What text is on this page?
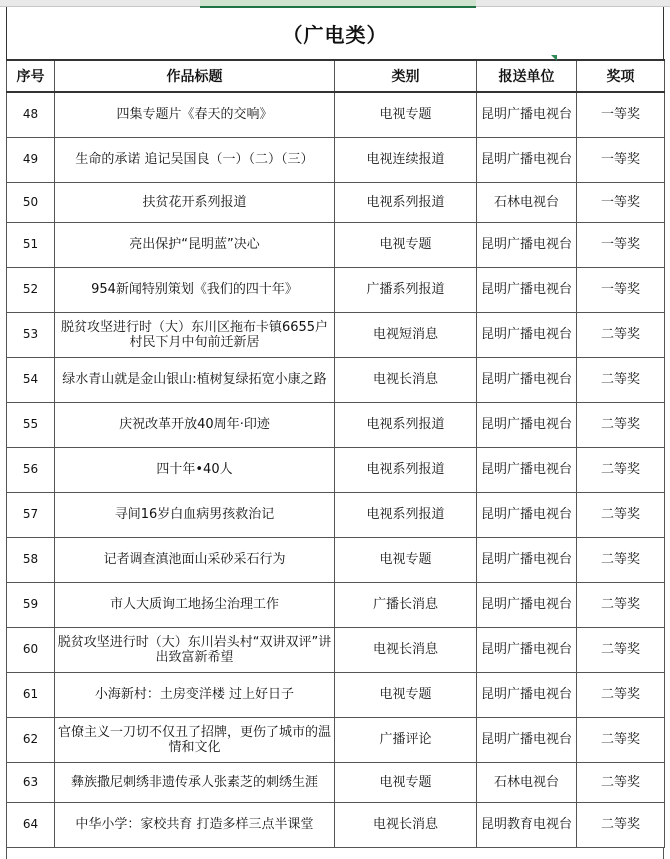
（广电类）
序号	作品标题	类别	报送单位	奖项
48	四集专题片《春天的交响》	电视专题	昆明广播电视台	一等奖
49	生命的承诺 追记吴国良（一）（二）（三）	电视连续报道	昆明广播电视台	一等奖
50	扶贫花开系列报道	电视系列报道	石林电视台	一等奖
51	亮出保护“昆明蓝”决心	电视专题	昆明广播电视台	一等奖
52	954新闻特别策划《我们的四十年》	广播系列报道	昆明广播电视台	一等奖
53	脱贫攻坚进行时（大）东川区拖布卡镇6655户村民下月中旬前迁新居	电视短消息	昆明广播电视台	二等奖
54	绿水青山就是金山银山:植树复绿拓宽小康之路	电视长消息	昆明广播电视台	二等奖
55	庆祝改革开放40周年·印迹	电视系列报道	昆明广播电视台	二等奖
56	四十年•40人	电视系列报道	昆明广播电视台	二等奖
57	寻间16岁白血病男孩救治记	电视系列报道	昆明广播电视台	二等奖
58	记者调查滇池面山采砂采石行为	电视专题	昆明广播电视台	二等奖
59	市人大质询工地扬尘治理工作	广播长消息	昆明广播电视台	二等奖
60	脱贫攻坚进行时（大）东川岩头村“双讲双评”讲出致富新希望	电视长消息	昆明广播电视台	二等奖
61	小海新村：土房变洋楼 过上好日子	电视专题	昆明广播电视台	二等奖
62	官僚主义一刀切不仅丑了招牌，更伤了城市的温情和文化	广播评论	昆明广播电视台	二等奖
63	彝族撒尼刺绣非遗传承人张素芝的刺绣生涯	电视专题	石林电视台	二等奖
64	中华小学：家校共育 打造多样三点半课堂	电视长消息	昆明教育电视台	二等奖
